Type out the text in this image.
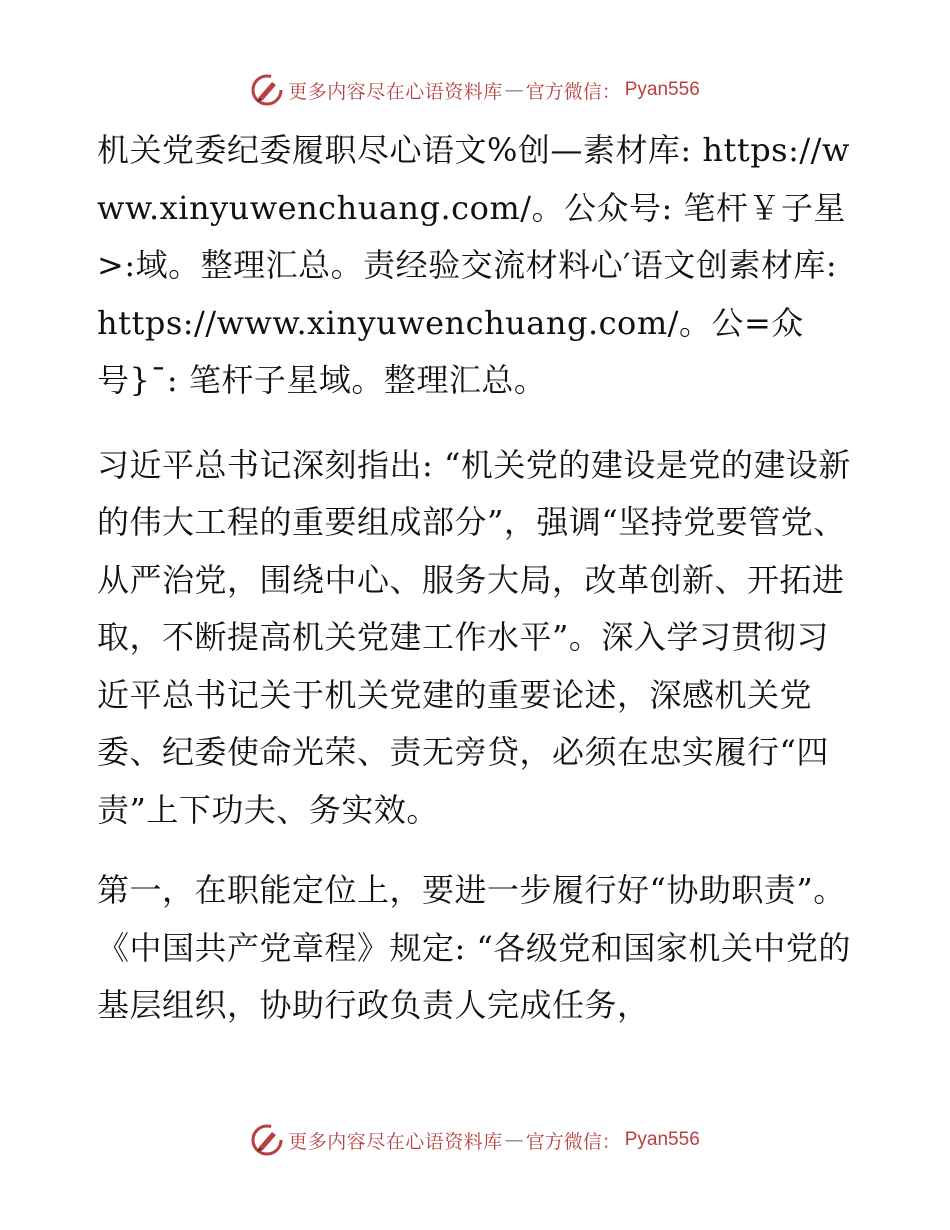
更多内容尽在心语资料库 — 官方微信： Pyan556

机关党委纪委履职尽心语文%创—素材库: https://www.xinyuwenchuang.com/。公众号: 笔杆￥子星>:域。整理汇总。责经验交流材料心′语文创素材库: https://www.xinyuwenchuang.com/。公=众号}¯: 笔杆子星域。整理汇总。

习近平总书记深刻指出: “机关党的建设是党的建设新的伟大工程的重要组成部分”，强调“坚持党要管党、从严治党，围绕中心、服务大局，改革创新、开拓进取，不断提高机关党建工作水平”。深入学习贯彻习近平总书记关于机关党建的重要论述，深感机关党委、纪委使命光荣、责无旁贷，必须在忠实履行“四责”上下功夫、务实效。

第一，在职能定位上，要进一步履行好“协助职责”。《中国共产党章程》规定: “各级党和国家机关中党的基层组织，协助行政负责人完成任务，

更多内容尽在心语资料库 — 官方微信： Pyan556
